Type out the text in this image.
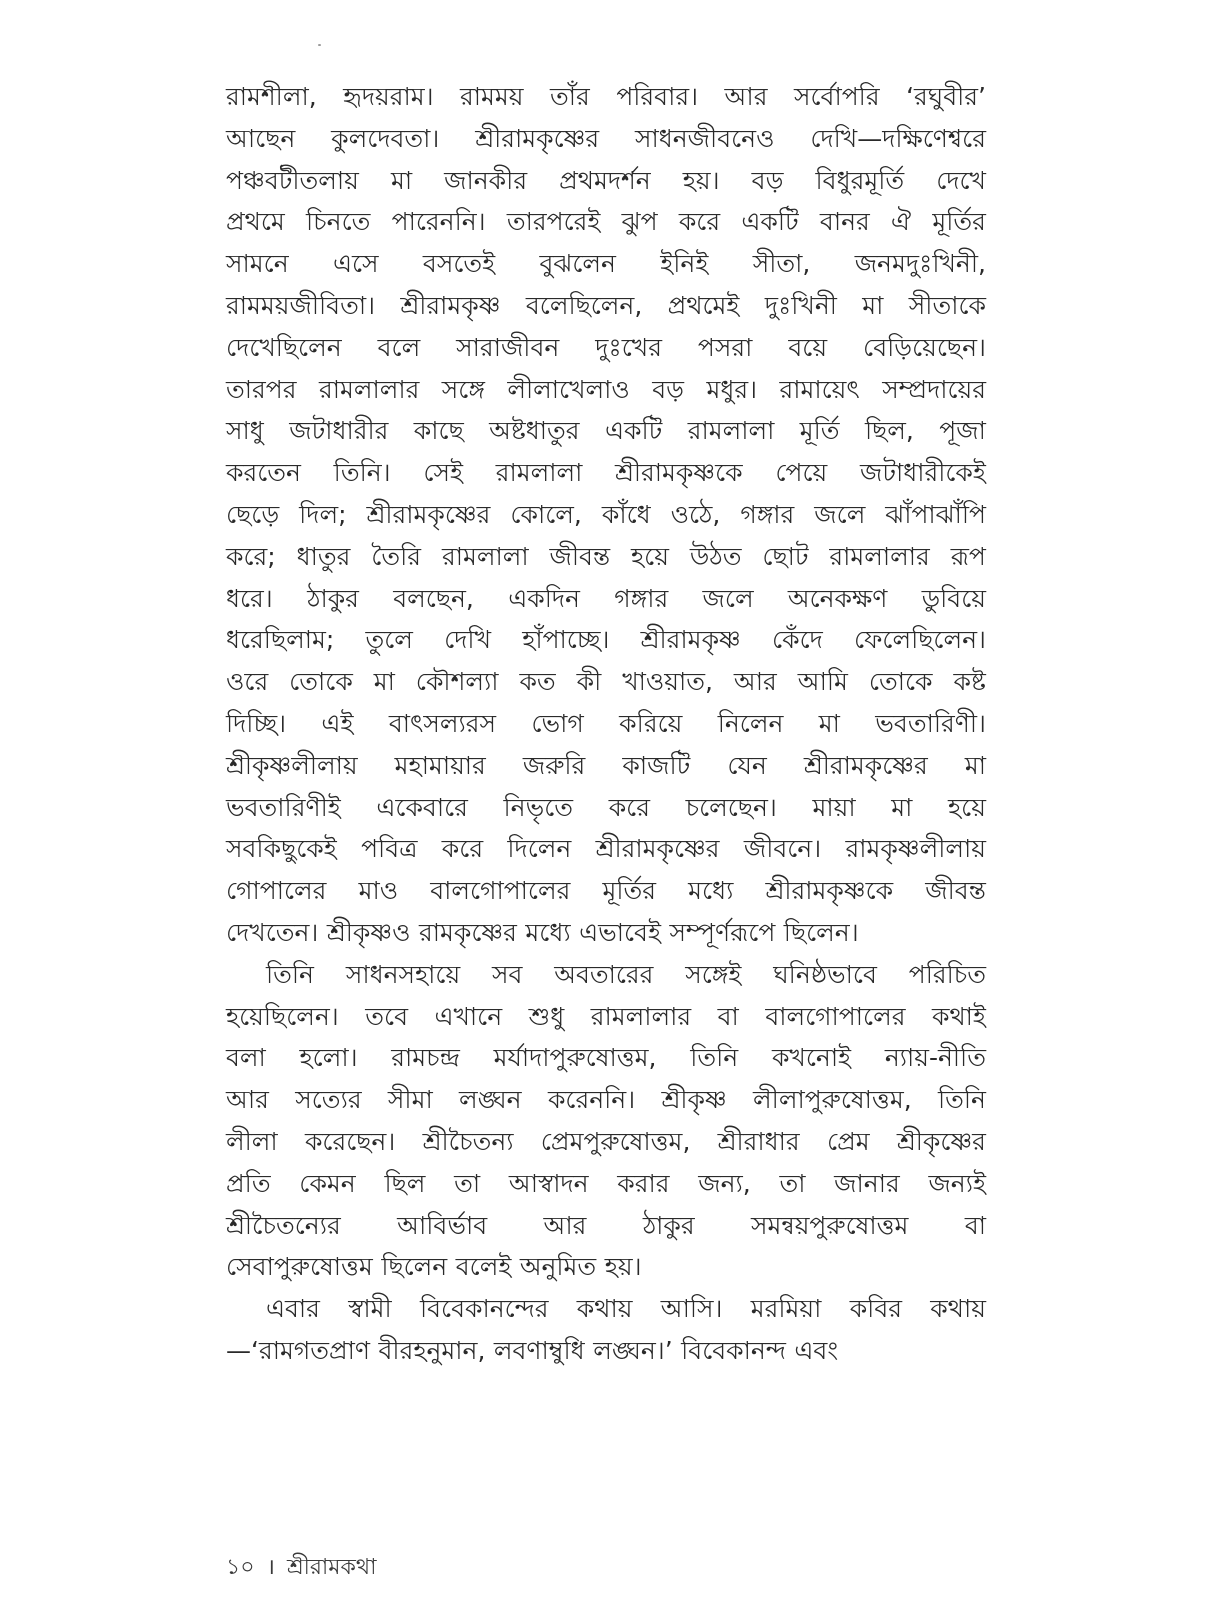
রামশীলা, হৃদয়রাম। রামময় তাঁর পরিবার। আর সর্বোপরি ‘রঘুবীর’
আছেন কুলদেবতা। শ্রীরামকৃষ্ণের সাধনজীবনেও দেখি—দক্ষিণেশ্বরে
পঞ্চবটীতলায় মা জানকীর প্রথমদর্শন হয়। বড় বিধুরমূর্তি দেখে
প্রথমে চিনতে পারেননি। তারপরেই ঝুপ করে একটি বানর ঐ মূর্তির
সামনে এসে বসতেই বুঝলেন ইনিই সীতা, জনমদুঃখিনী,
রামময়জীবিতা। শ্রীরামকৃষ্ণ বলেছিলেন, প্রথমেই দুঃখিনী মা সীতাকে
দেখেছিলেন বলে সারাজীবন দুঃখের পসরা বয়ে বেড়িয়েছেন।
তারপর রামলালার সঙ্গে লীলাখেলাও বড় মধুর। রামায়েৎ সম্প্রদায়ের
সাধু জটাধারীর কাছে অষ্টধাতুর একটি রামলালা মূর্তি ছিল, পূজা
করতেন তিনি। সেই রামলালা শ্রীরামকৃষ্ণকে পেয়ে জটাধারীকেই
ছেড়ে দিল; শ্রীরামকৃষ্ণের কোলে, কাঁধে ওঠে, গঙ্গার জলে ঝাঁপাঝাঁপি
করে; ধাতুর তৈরি রামলালা জীবন্ত হয়ে উঠত ছোট রামলালার রূপ
ধরে। ঠাকুর বলছেন, একদিন গঙ্গার জলে অনেকক্ষণ ডুবিয়ে
ধরেছিলাম; তুলে দেখি হাঁপাচ্ছে। শ্রীরামকৃষ্ণ কেঁদে ফেলেছিলেন।
ওরে তোকে মা কৌশল্যা কত কী খাওয়াত, আর আমি তোকে কষ্ট
দিচ্ছি। এই বাৎসল্যরস ভোগ করিয়ে নিলেন মা ভবতারিণী।
শ্রীকৃষ্ণলীলায় মহামায়ার জরুরি কাজটি যেন শ্রীরামকৃষ্ণের মা
ভবতারিণীই একেবারে নিভৃতে করে চলেছেন। মায়া মা হয়ে
সবকিছুকেই পবিত্র করে দিলেন শ্রীরামকৃষ্ণের জীবনে। রামকৃষ্ণলীলায়
গোপালের মাও বালগোপালের মূর্তির মধ্যে শ্রীরামকৃষ্ণকে জীবন্ত
দেখতেন। শ্রীকৃষ্ণও রামকৃষ্ণের মধ্যে এভাবেই সম্পূর্ণরূপে ছিলেন।
তিনি সাধনসহায়ে সব অবতারের সঙ্গেই ঘনিষ্ঠভাবে পরিচিত
হয়েছিলেন। তবে এখানে শুধু রামলালার বা বালগোপালের কথাই
বলা হলো। রামচন্দ্র মর্যাদাপুরুষোত্তম, তিনি কখনোই ন্যায়-নীতি
আর সত্যের সীমা লঙ্ঘন করেননি। শ্রীকৃষ্ণ লীলাপুরুষোত্তম, তিনি
লীলা করেছেন। শ্রীচৈতন্য প্রেমপুরুষোত্তম, শ্রীরাধার প্রেম শ্রীকৃষ্ণের
প্রতি কেমন ছিল তা আস্বাদন করার জন্য, তা জানার জন্যই
শ্রীচৈতন্যের আবির্ভাব আর ঠাকুর সমন্বয়পুরুষোত্তম বা
সেবাপুরুষোত্তম ছিলেন বলেই অনুমিত হয়।
এবার স্বামী বিবেকানন্দের কথায় আসি। মরমিয়া কবির কথায়
—‘রামগতপ্রাণ বীরহনুমান, লবণাম্বুধি লঙ্ঘন।’ বিবেকানন্দ এবং
১০ । শ্রীরামকথা
